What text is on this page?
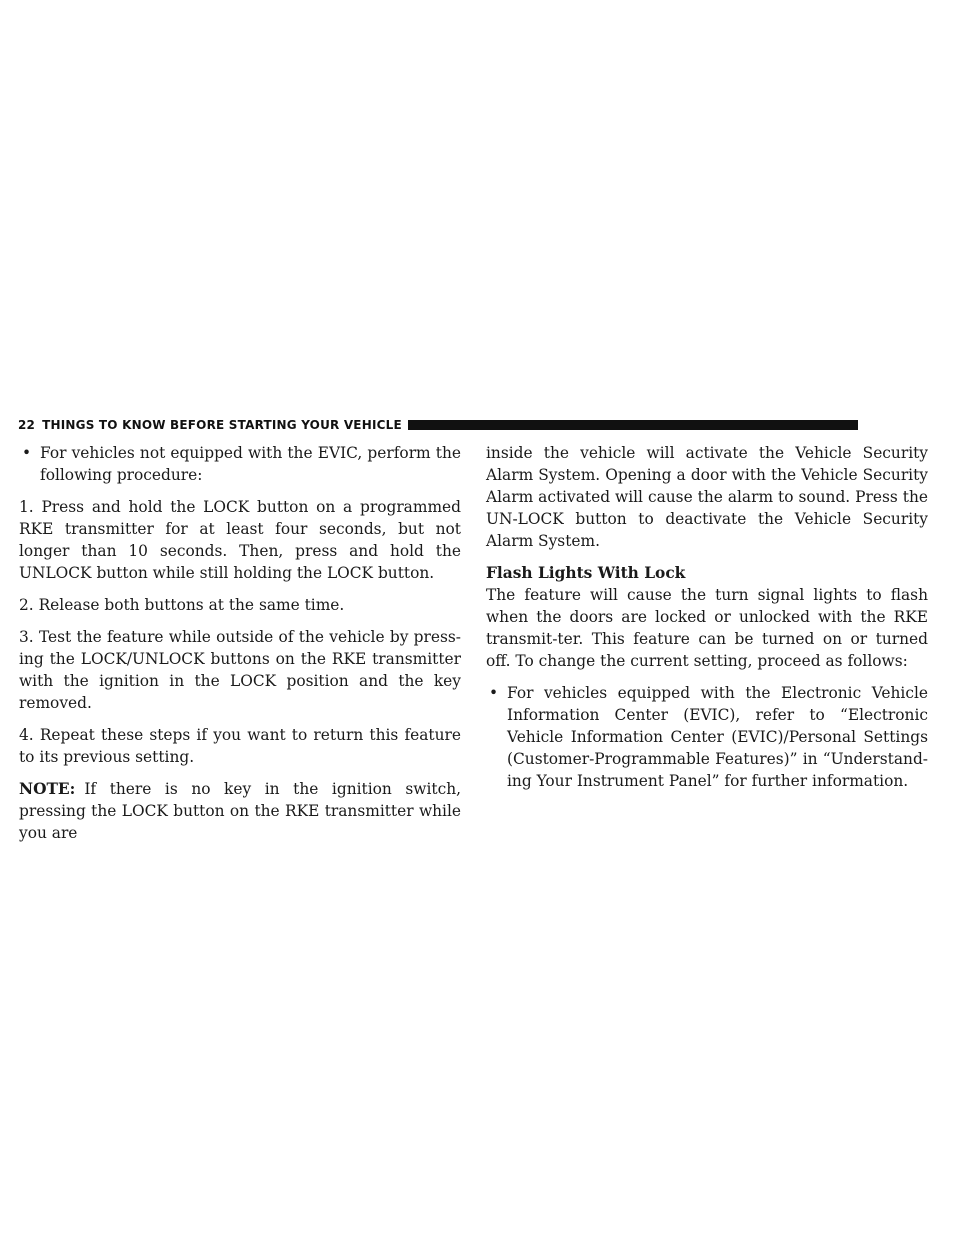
22 THINGS TO KNOW BEFORE STARTING YOUR VEHICLE
• For vehicles not equipped with the EVIC, perform the following procedure:

1. Press and hold the LOCK button on a programmed RKE transmitter for at least four seconds, but not longer than 10 seconds. Then, press and hold the UNLOCK button while still holding the LOCK button.

2. Release both buttons at the same time.

3. Test the feature while outside of the vehicle by press-ing the LOCK/UNLOCK buttons on the RKE transmitter with the ignition in the LOCK position and the key removed.

4. Repeat these steps if you want to return this feature to its previous setting.

NOTE: If there is no key in the ignition switch, pressing the LOCK button on the RKE transmitter while you are

inside the vehicle will activate the Vehicle Security Alarm System. Opening a door with the Vehicle Security Alarm activated will cause the alarm to sound. Press the UN-LOCK button to deactivate the Vehicle Security Alarm System.

Flash Lights With Lock

The feature will cause the turn signal lights to flash when the doors are locked or unlocked with the RKE transmit-ter. This feature can be turned on or turned off. To change the current setting, proceed as follows:

• For vehicles equipped with the Electronic Vehicle Information Center (EVIC), refer to “Electronic Vehicle Information Center (EVIC)/Personal Settings (Customer-Programmable Features)” in “Understand-ing Your Instrument Panel” for further information.
